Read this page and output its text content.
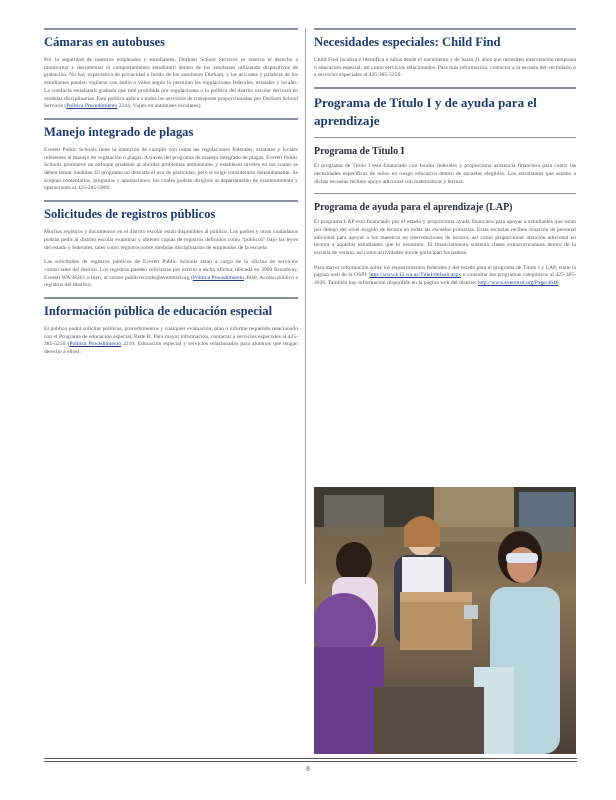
Cámaras en autobuses

Por la seguridad de nuestros empleados y estudiantes, Durham School Services se reserva el derecho a monitorear y documentar el comportamiento estudiantil dentro de los autobuses utilizando dispositivos de grabación. No hay expectativa de privacidad a bordo de los autobuses Durham, y las acciones y palabras de los estudiantes pueden vigilarse con audio o video según lo permitan las regulaciones federales, estatales y locales. La conducta estudiantil grabada que esté prohibida por regulaciones o la política del distrito escolar derivará en medidas disciplinarias. Esta política aplica a todos los servicios de transporte proporcionados por Durham School Services (Política Procedimiento 2244, Viajes en autobuses escolares).

Manejo integrado de plagas

Everett Public Schools tiene la intención de cumplir con todas las regulaciones federales, estatales y locales referentes al manejo de vegetación o plagas. A través del programa de manejo integrado de plagas, Everett Public Schools promueve un enfoque prudente al abordar problemas ambientales y establecer niveles en los cuales se deben tomar medidas. El programa no descarta el uso de pesticidas, pero sí exige considerarlo detenidamente. Se aceptan comentarios, preguntas y aportaciones, los cuales podrán dirigirse al departamento de mantenimiento y operaciones al 425-385-5800.

Solicitudes de registros públicos

Muchos registros y documentos en el distrito escolar están disponibles al público. Los padres y otros ciudadanos podrán pedir al distrito escolar examinar y obtener copias de registros definidos como "públicos" bajo las leyes del estado y federales, tales como registros sobre medidas disciplinarias de empleados de la escuela.

Las solicitudes de registros públicos de Everett Public Schools están a cargo de la oficina de servicios comerciales del distrito. Los registros pueden solicitarse por escrito a dicha oficina, ubicada en 3900 Broadway, Everett WA 98201 o bien, al correo publicrecords@everettsd.org (Política Procedimiento 4040, Acceso público a registros del distrito).

Información pública de educación especial

El público podrá solicitar políticas, procedimientos y cualquier evaluación, plan o informe requerido relacionado con el Programa de educación especial, Parte B. Para mayor información, contactar a servicios especiales al 425-385-5250 (Política Procedimiento 2210, Educación especial y servicios relacionados para alumnos que tengan derecho a ellos).

Necesidades especiales: Child Find

Child Find localiza e identifica a niños desde el nacimiento y de hasta 21 años que necesiten intervención temprana o educación especial, así como servicios relacionados. Para más información, contactar a la escuela del vecindario o a servicios especiales al 425-385-5250.

Programa de Título I y de ayuda para el aprendizaje
Programa de Título I

El programa de Título I está financiado con fondos federales y proporciona asistencia financiera para cubrir las necesidades específicas de niños en riesgo educativo dentro de escuelas elegibles. Los estudiantes que asisten a dichas escuelas reciben apoyo adicional con matemáticas y lectura.

Programa de ayuda para el aprendizaje (LAP)

El programa LAP está financiado por el estado y proporciona ayuda financiera para apoyar a estudiantes que están por debajo del nivel exigido de lectura en todas las escuelas primarias. Estas escuelas reciben dotación de personal adicional para apoyar a los maestros en intervenciones de lectura, así como proporcionar atención adicional en lectura a aquellos estudiantes que lo necesiten. El financiamiento sustenta clases extracurriculares dentro de la escuela de verano, así como actividades donde participan los padres.

Para mayor información sobre los requerimientos federales y del estado para el programa de Título I y LAP, visite la página web de la OSPI: http://www.k12.wa.us/TitleI/default.aspx o consultar los programas categóricos al 425-385-4020. También hay información disponible en la página web del distrito: http://www.everettsd.org/Page/4640.

8
